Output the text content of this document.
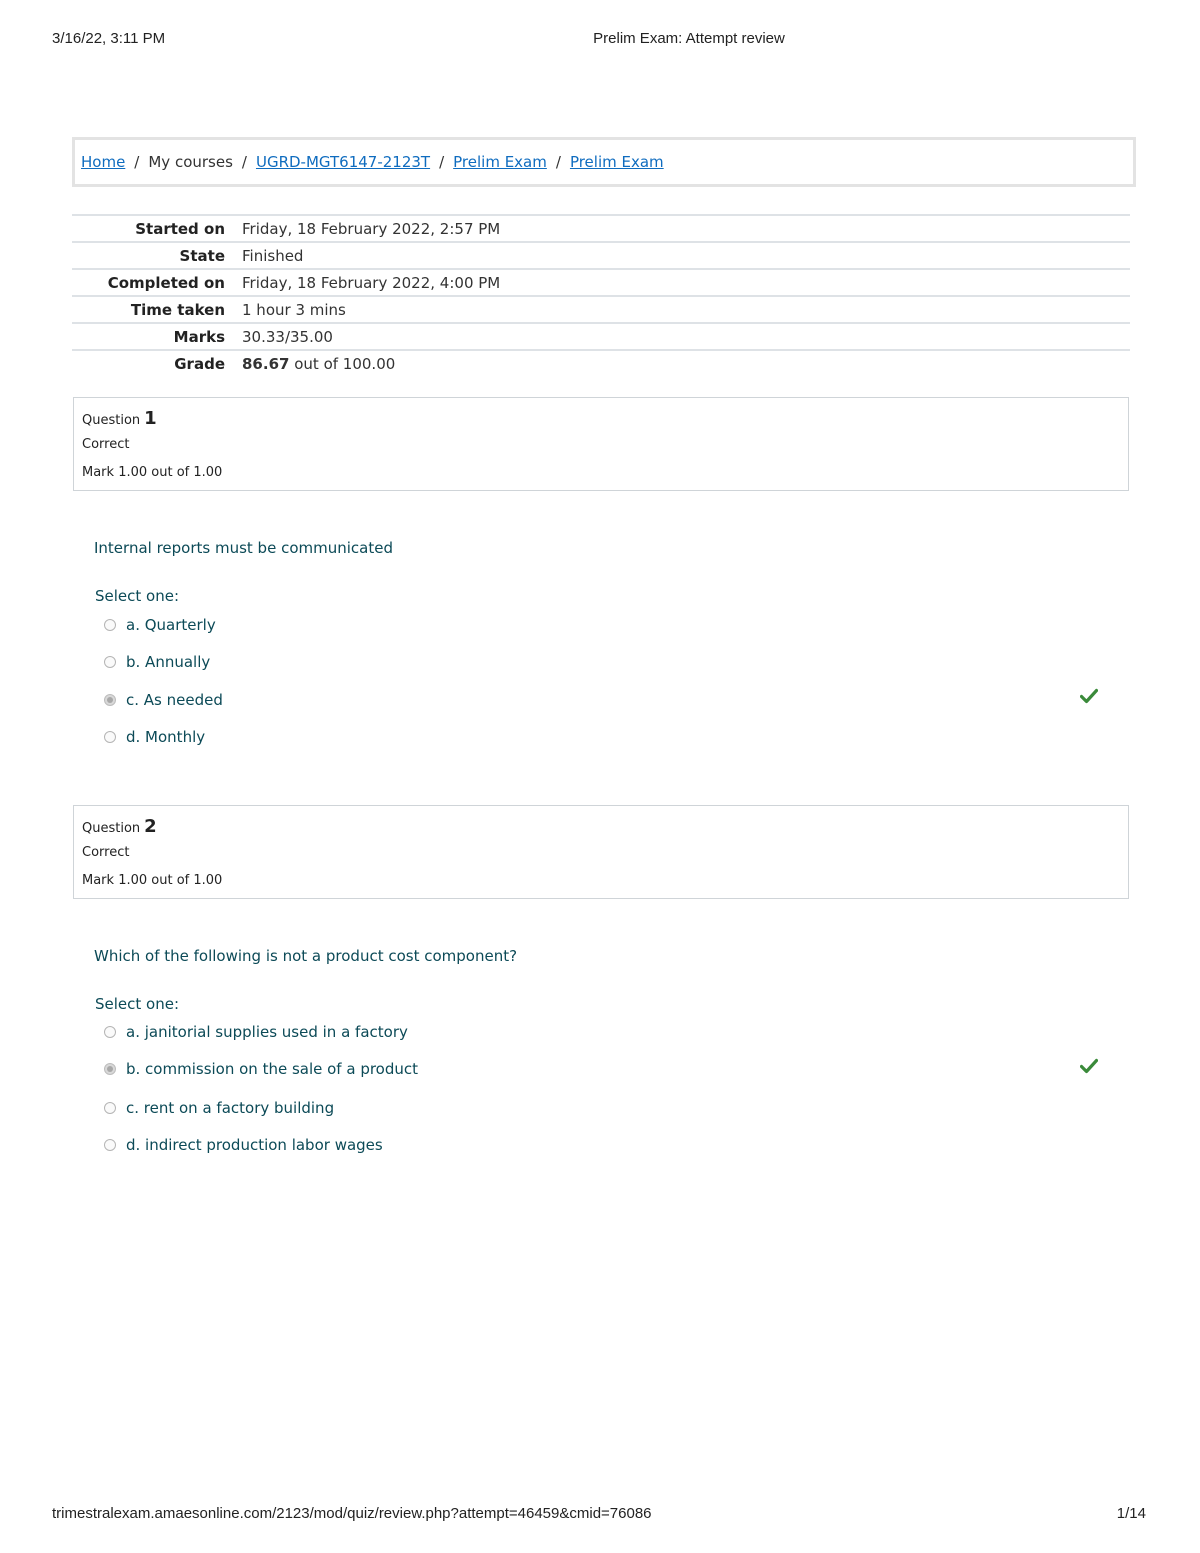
3/16/22, 3:11 PM	Prelim Exam: Attempt review
Home / My courses / UGRD-MGT6147-2123T / Prelim Exam / Prelim Exam
Started on	Friday, 18 February 2022, 2:57 PM
State	Finished
Completed on	Friday, 18 February 2022, 4:00 PM
Time taken	1 hour 3 mins
Marks	30.33/35.00
Grade	86.67 out of 100.00
Question 1
Correct
Mark 1.00 out of 1.00
Internal reports must be communicated
Select one:
a. Quarterly
b. Annually
c. As needed
d. Monthly
Question 2
Correct
Mark 1.00 out of 1.00
Which of the following is not a product cost component?
Select one:
a. janitorial supplies used in a factory
b. commission on the sale of a product
c. rent on a factory building
d. indirect production labor wages
trimestralexam.amaesonline.com/2123/mod/quiz/review.php?attempt=46459&cmid=76086	1/14
